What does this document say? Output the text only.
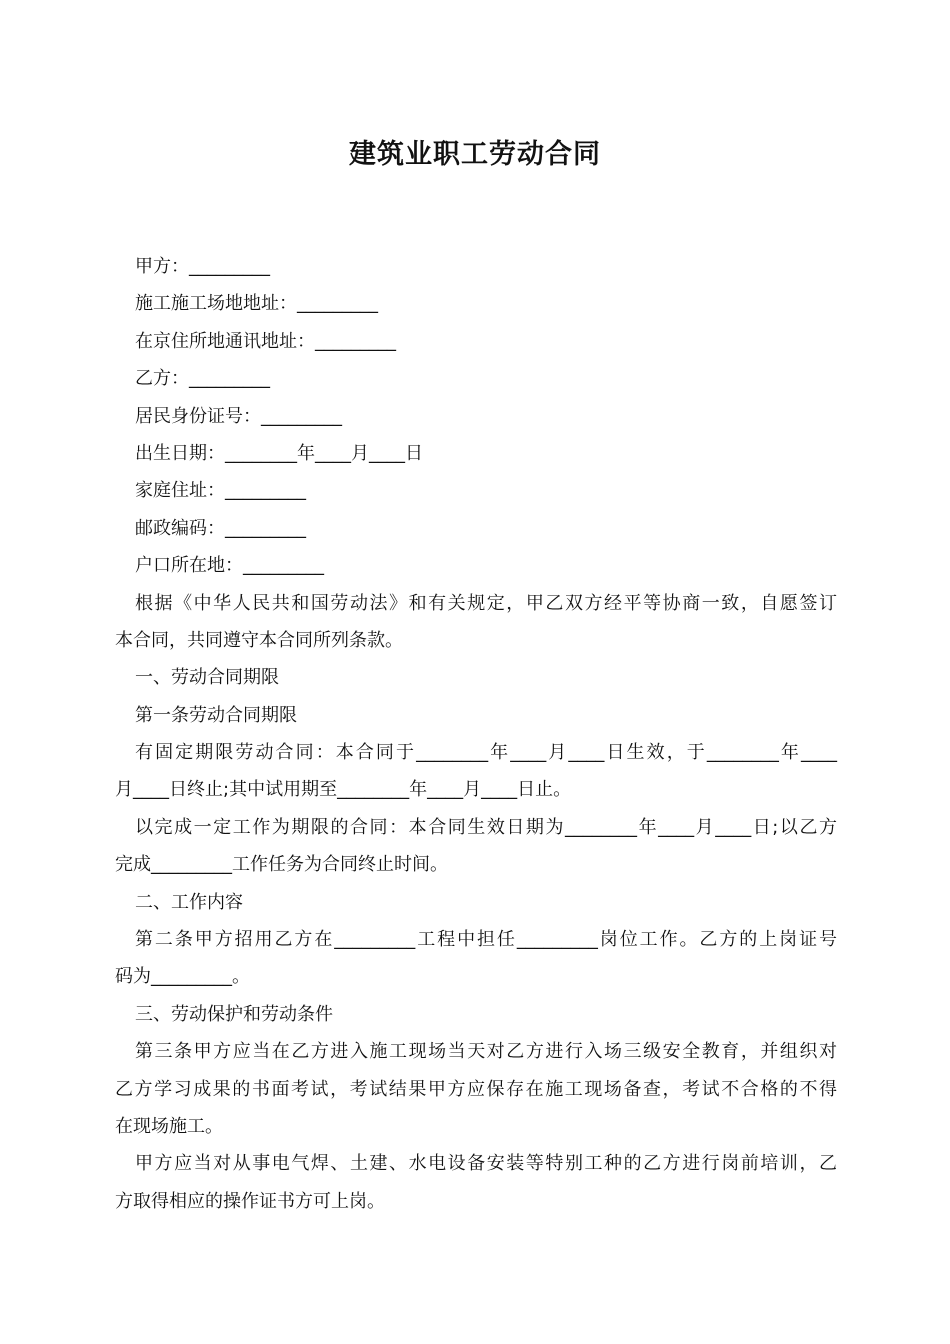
建筑业职工劳动合同

甲方：_________

施工施工场地地址：_________

在京住所地通讯地址：_________

乙方：_________

居民身份证号：_________

出生日期：________年____月____日

家庭住址：_________

邮政编码：_________

户口所在地：_________

根据《中华人民共和国劳动法》和有关规定，甲乙双方经平等协商一致，自愿签订

本合同，共同遵守本合同所列条款。

一、劳动合同期限

第一条劳动合同期限

有固定期限劳动合同：本合同于________年____月____日生效，于________年____

月____日终止;其中试用期至________年____月____日止。

以完成一定工作为期限的合同：本合同生效日期为________年____月____日;以乙方

完成_________工作任务为合同终止时间。

二、工作内容

第二条甲方招用乙方在_________工程中担任_________岗位工作。乙方的上岗证号

码为_________。

三、劳动保护和劳动条件

第三条甲方应当在乙方进入施工现场当天对乙方进行入场三级安全教育，并组织对

乙方学习成果的书面考试，考试结果甲方应保存在施工现场备查，考试不合格的不得

在现场施工。

甲方应当对从事电气焊、土建、水电设备安装等特别工种的乙方进行岗前培训，乙

方取得相应的操作证书方可上岗。
